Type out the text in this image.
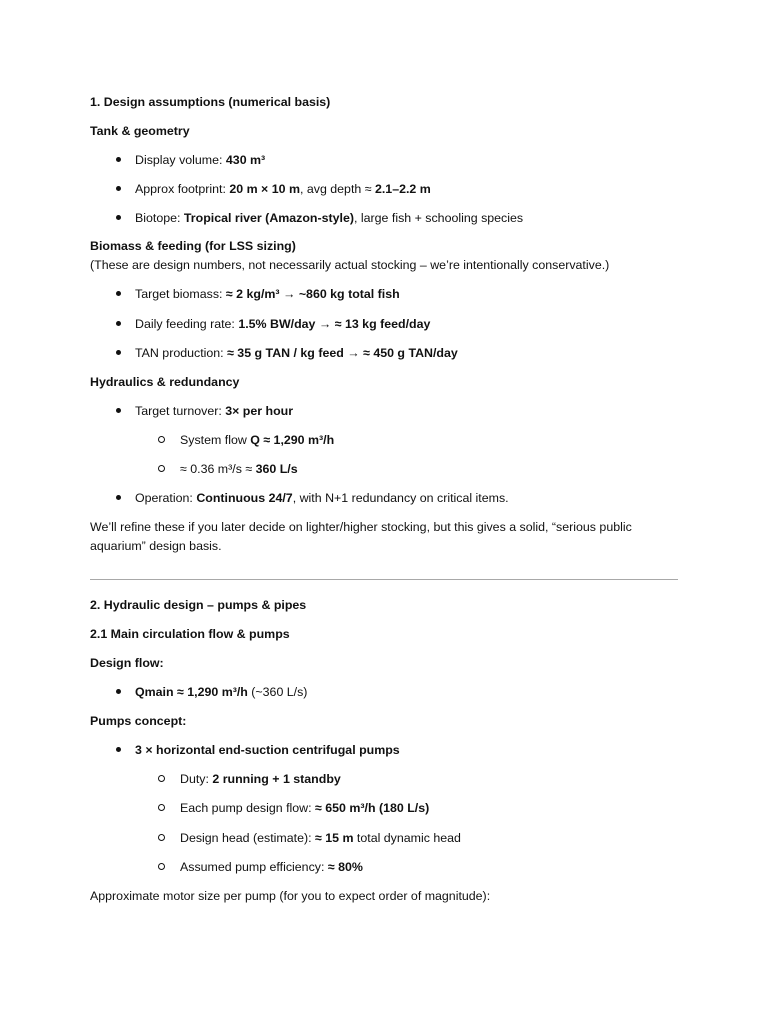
1. Design assumptions (numerical basis)
Tank & geometry
Display volume: 430 m³
Approx footprint: 20 m × 10 m, avg depth ≈ 2.1–2.2 m
Biotope: Tropical river (Amazon-style), large fish + schooling species
Biomass & feeding (for LSS sizing)
(These are design numbers, not necessarily actual stocking – we’re intentionally conservative.)
Target biomass: ≈ 2 kg/m³ → ~860 kg total fish
Daily feeding rate: 1.5% BW/day → ≈ 13 kg feed/day
TAN production: ≈ 35 g TAN / kg feed → ≈ 450 g TAN/day
Hydraulics & redundancy
Target turnover: 3× per hour
System flow Q ≈ 1,290 m³/h
≈ 0.36 m³/s ≈ 360 L/s
Operation: Continuous 24/7, with N+1 redundancy on critical items.
We’ll refine these if you later decide on lighter/higher stocking, but this gives a solid, “serious public
aquarium” design basis.
2. Hydraulic design – pumps & pipes
2.1 Main circulation flow & pumps
Design flow:
Qmain ≈ 1,290 m³/h (~360 L/s)
Pumps concept:
3 × horizontal end-suction centrifugal pumps
Duty: 2 running + 1 standby
Each pump design flow: ≈ 650 m³/h (180 L/s)
Design head (estimate): ≈ 15 m total dynamic head
Assumed pump efficiency: ≈ 80%
Approximate motor size per pump (for you to expect order of magnitude):
